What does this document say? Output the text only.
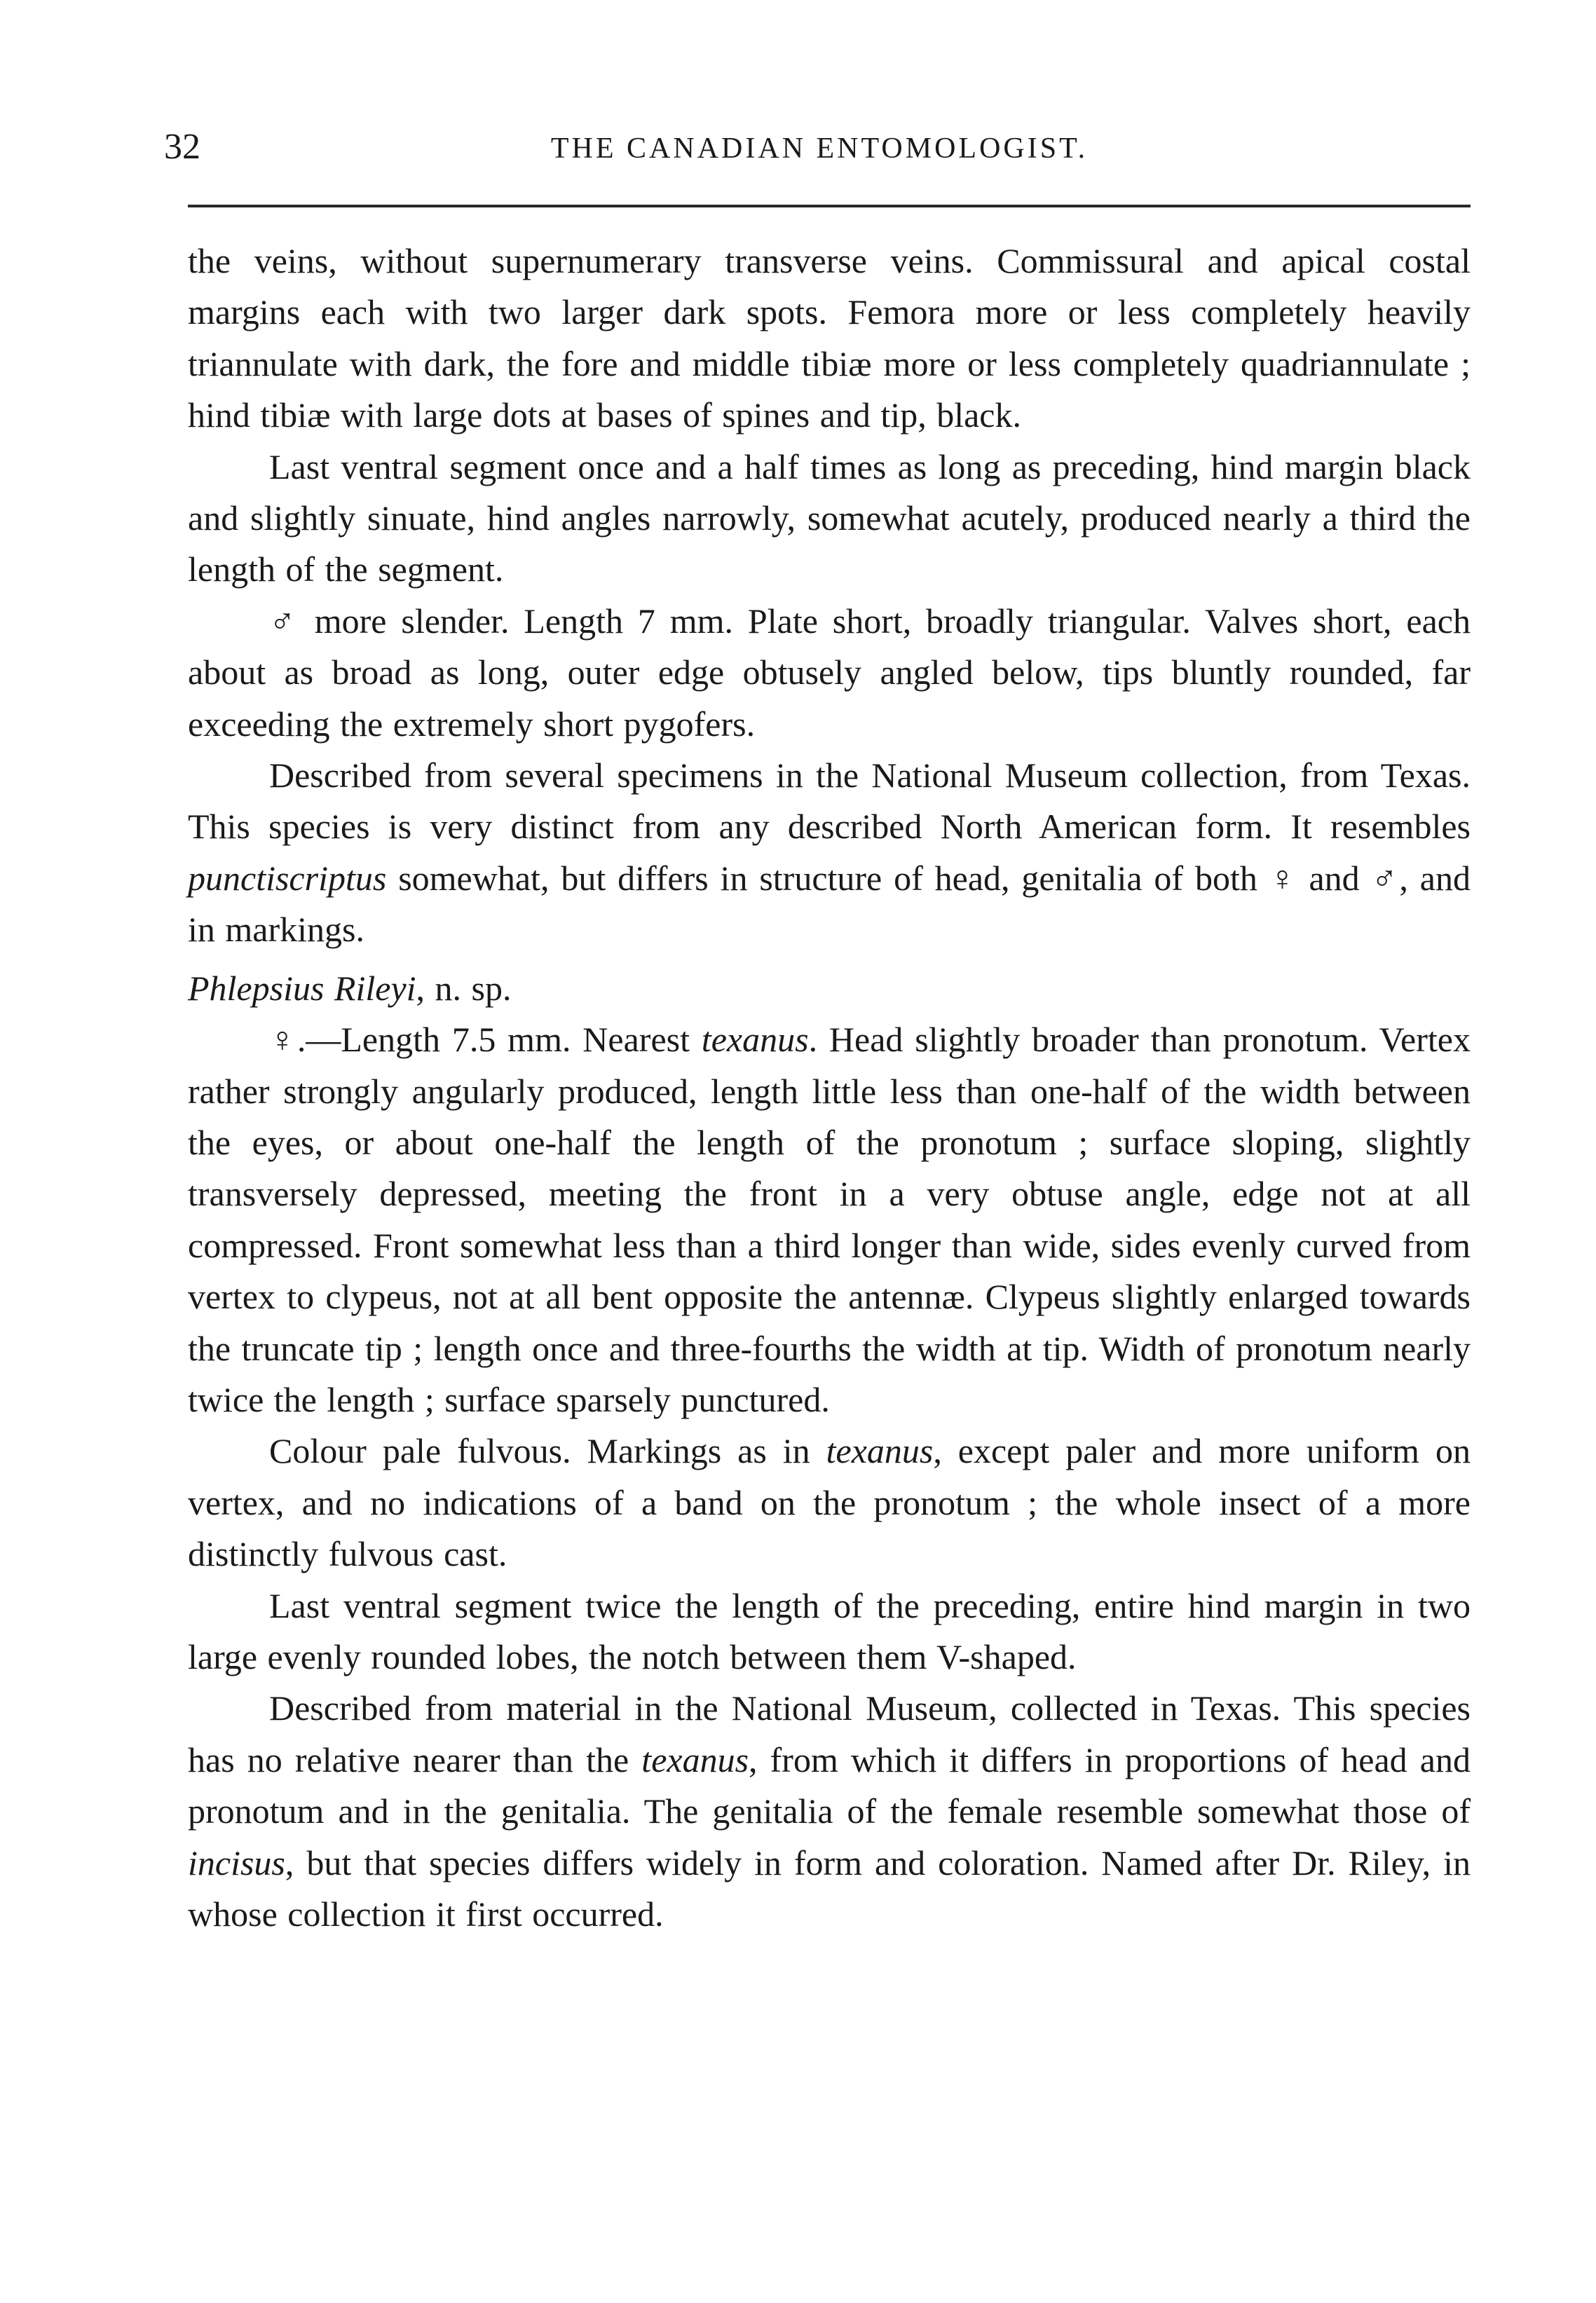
32	THE CANADIAN ENTOMOLOGIST.

the veins, without supernumerary transverse veins. Commissural and apical costal margins each with two larger dark spots. Femora more or less completely heavily triannulate with dark, the fore and middle tibiæ more or less completely quadriannulate ; hind tibiæ with large dots at bases of spines and tip, black.

Last ventral segment once and a half times as long as preceding, hind margin black and slightly sinuate, hind angles narrowly, somewhat acutely, produced nearly a third the length of the segment.

♂ more slender. Length 7 mm. Plate short, broadly triangular. Valves short, each about as broad as long, outer edge obtusely angled below, tips bluntly rounded, far exceeding the extremely short pygofers.

Described from several specimens in the National Museum collection, from Texas. This species is very distinct from any described North American form. It resembles punctiscriptus somewhat, but differs in structure of head, genitalia of both ♀ and ♂, and in markings.

Phlepsius Rileyi, n. sp.

♀.—Length 7.5 mm. Nearest texanus. Head slightly broader than pronotum. Vertex rather strongly angularly produced, length little less than one-half of the width between the eyes, or about one-half the length of the pronotum ; surface sloping, slightly transversely depressed, meeting the front in a very obtuse angle, edge not at all compressed. Front somewhat less than a third longer than wide, sides evenly curved from vertex to clypeus, not at all bent opposite the antennæ. Clypeus slightly enlarged towards the truncate tip ; length once and three-fourths the width at tip. Width of pronotum nearly twice the length ; surface sparsely punctured.

Colour pale fulvous. Markings as in texanus, except paler and more uniform on vertex, and no indications of a band on the pronotum ; the whole insect of a more distinctly fulvous cast.

Last ventral segment twice the length of the preceding, entire hind margin in two large evenly rounded lobes, the notch between them V-shaped.

Described from material in the National Museum, collected in Texas. This species has no relative nearer than the texanus, from which it differs in proportions of head and pronotum and in the genitalia. The genitalia of the female resemble somewhat those of incisus, but that species differs widely in form and coloration. Named after Dr. Riley, in whose collection it first occurred.
